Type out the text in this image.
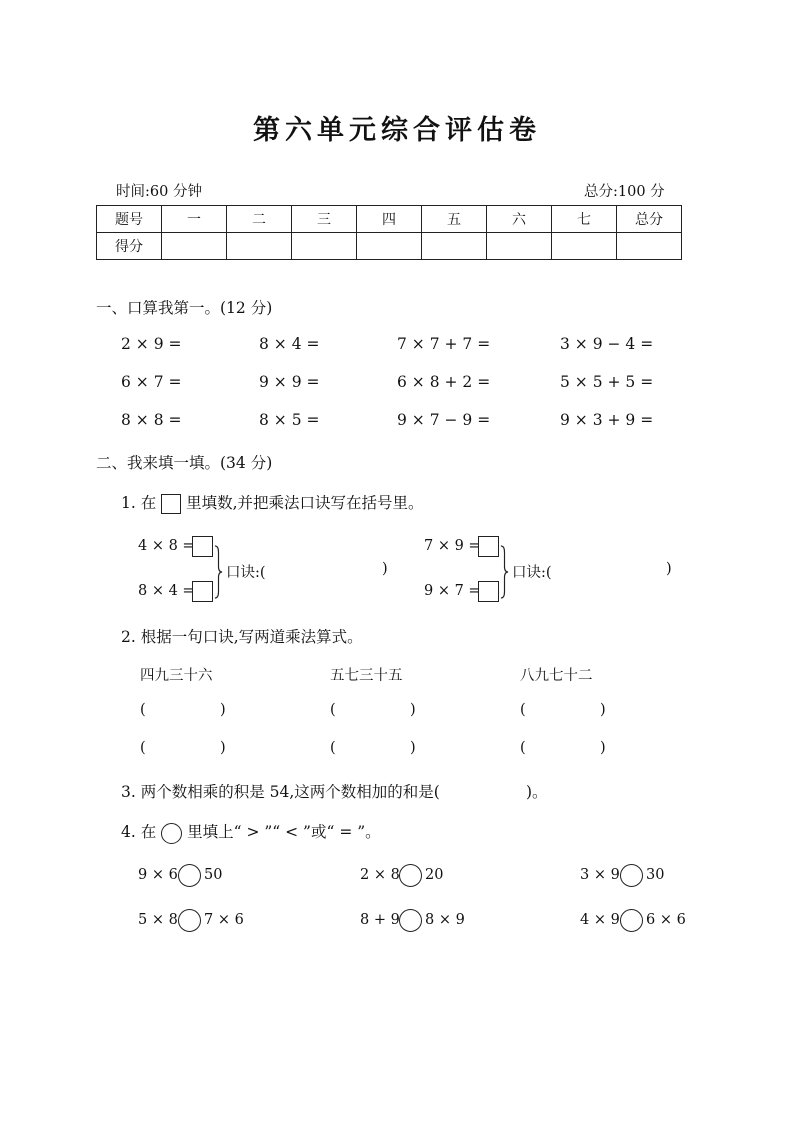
第六单元综合评估卷
时间:60 分钟	总分:100 分
题号	一	二	三	四	五	六	七	总分
得分								
一、口算我第一。(12 分)
2 × 9 =	8 × 4 =	7 × 7 + 7 =	3 × 9 − 4 =
6 × 7 =	9 × 9 =	6 × 8 + 2 =	5 × 5 + 5 =
8 × 8 =	8 × 5 =	9 × 7 − 9 =	9 × 3 + 9 =
二、我来填一填。(34 分)
1. 在 里填数,并把乘法口诀写在括号里。
4 × 8 =
8 × 4 =
口诀:(	)
7 × 9 =
9 × 7 =
口诀:(	)
2. 根据一句口诀,写两道乘法算式。
四九三十六	五七三十五	八九七十二
(	)	(	)	(	)
(	)	(	)	(	)
3. 两个数相乘的积是 54,这两个数相加的和是(	)。
4. 在 里填上“ > ”“ < ”或“ = ”。
9 × 6 50	2 × 8 20	3 × 9 30
5 × 8 7 × 6	8 + 9 8 × 9	4 × 9 6 × 6
